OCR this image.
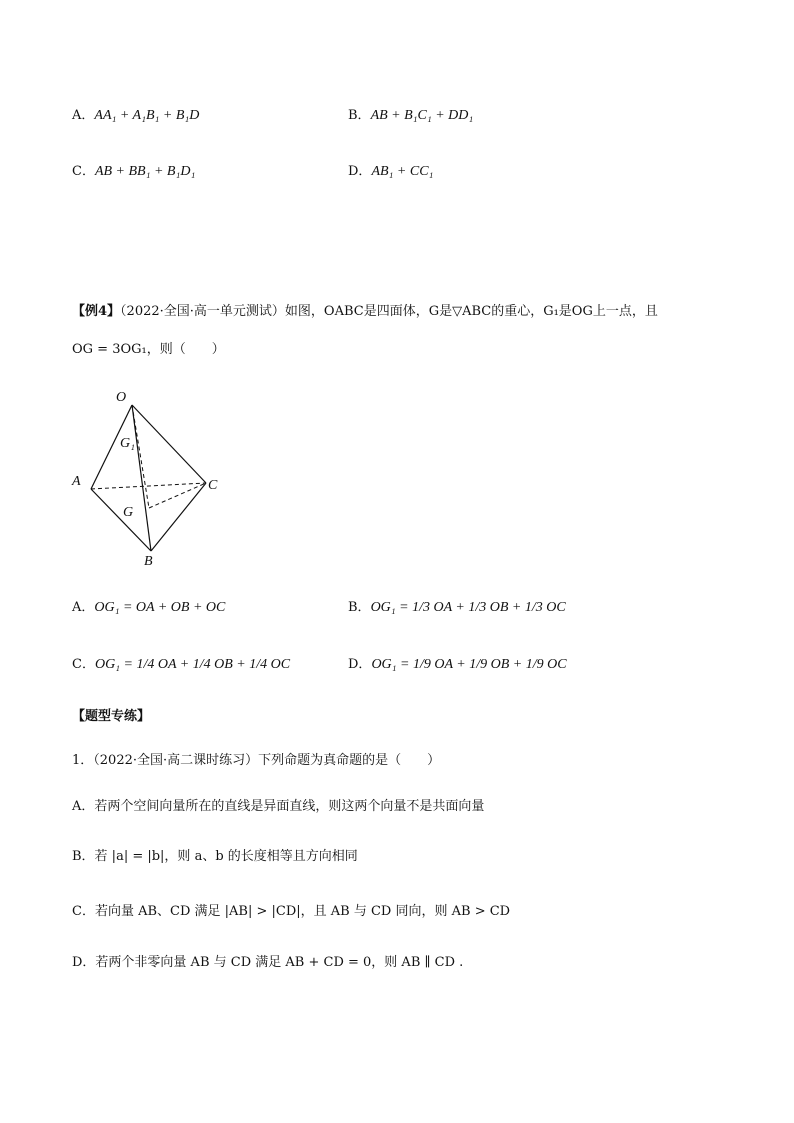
A．AA₁ + A₁B₁ + B₁D	B．AB + B₁C₁ + DD₁
C．AB + BB₁ + B₁D₁	D．AB₁ + CC₁
【例4】（2022·全国·高一单元测试）如图，OABC是四面体，G是▽ABC的重心，G₁是OG上一点，且
OG = 3OG₁，则（　　）
O
A	C
B
G
G₁
A．OG₁ = OA + OB + OC	B．OG₁ = 1/3 OA + 1/3 OB + 1/3 OC
C．OG₁ = 1/4 OA + 1/4 OB + 1/4 OC	D．OG₁ = 1/9 OA + 1/9 OB + 1/9 OC
【题型专练】
1．（2022·全国·高二课时练习）下列命题为真命题的是（　　）
A．若两个空间向量所在的直线是异面直线，则这两个向量不是共面向量
B．若 |a| = |b|，则 a、b 的长度相等且方向相同
C．若向量 AB、CD 满足 |AB| > |CD|，且 AB 与 CD 同向，则 AB > CD
D．若两个非零向量 AB 与 CD 满足 AB + CD = 0，则 AB ∥ CD .
